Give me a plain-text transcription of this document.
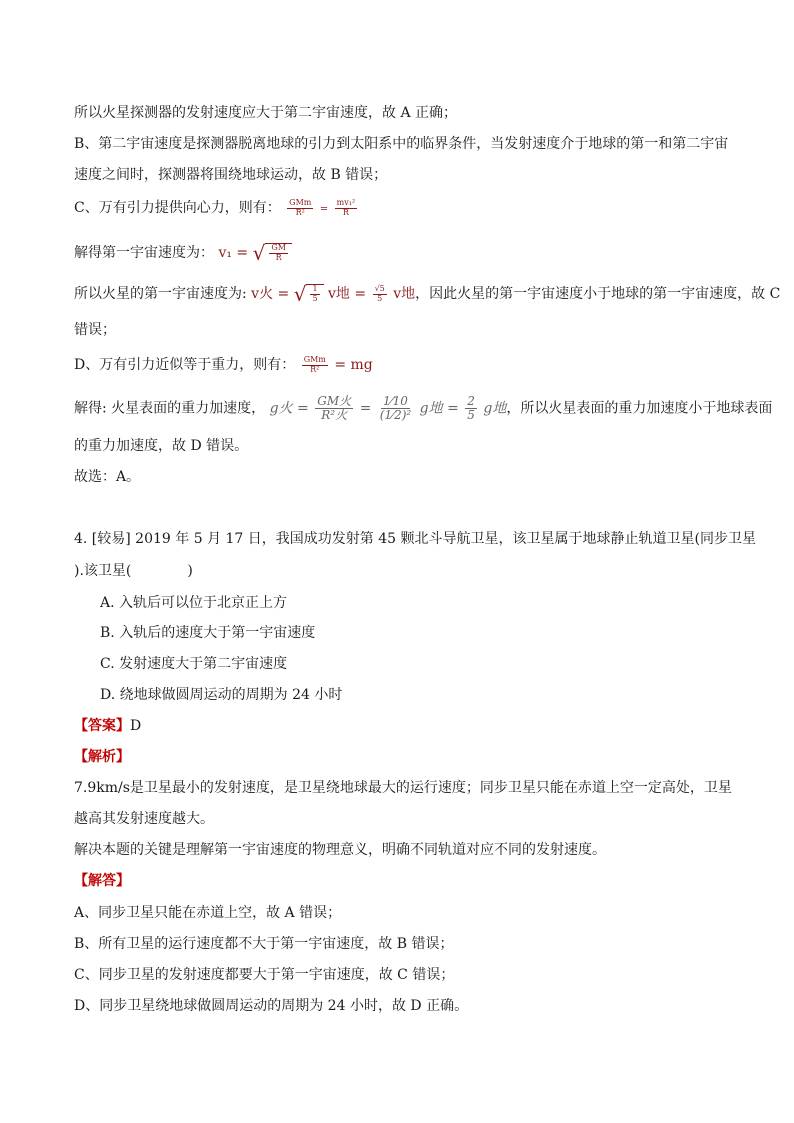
所以火星探测器的发射速度应大于第二宇宙速度，故 A 正确；
B、第二宇宙速度是探测器脱离地球的引力到太阳系中的临界条件，当发射速度介于地球的第一和第二宇宙
速度之间时，探测器将围绕地球运动，故 B 错误；
C、万有引力提供向心力，则有： $\frac{\text{GMm}}{\text{R²}} = \frac{\text{mv₁²}}{R}$
解得第一宇宙速度为： v₁ = √ $\frac{GM}{R}$
所以火星的第一宇宙速度为: v火 = √ $\frac{1}{5}$ v地 = $\frac{√5}{5}$ v地，因此火星的第一宇宙速度小于地球的第一宇宙速度，故 C
错误；
D、万有引力近似等于重力，则有： $\frac{\text{GMm}}{\text{R²}}$ = mg
解得: 火星表面的重力加速度， g火 = $\frac{\text{GM火}}{\text{R²火}} = \frac{1⁄10}{\text{(1⁄2)²}}$ g地 = $\frac{2}{5}$ g地，所以火星表面的重力加速度小于地球表面
的重力加速度，故 D 错误。
故选：A。
4. [较易] 2019 年 5 月 17 日，我国成功发射第 45 颗北斗导航卫星，该卫星属于地球静止轨道卫星(同步卫星
).该卫星(　　　　)
A. 入轨后可以位于北京正上方
B. 入轨后的速度大于第一宇宙速度
C. 发射速度大于第二宇宙速度
D. 绕地球做圆周运动的周期为 24 小时
【答案】D
【解析】
7.9km/s是卫星最小的发射速度，是卫星绕地球最大的运行速度；同步卫星只能在赤道上空一定高处，卫星
越高其发射速度越大。
解决本题的关键是理解第一宇宙速度的物理意义，明确不同轨道对应不同的发射速度。
【解答】
A、同步卫星只能在赤道上空，故 A 错误；
B、所有卫星的运行速度都不大于第一宇宙速度，故 B 错误；
C、同步卫星的发射速度都要大于第一宇宙速度，故 C 错误；
D、同步卫星绕地球做圆周运动的周期为 24 小时，故 D 正确。
